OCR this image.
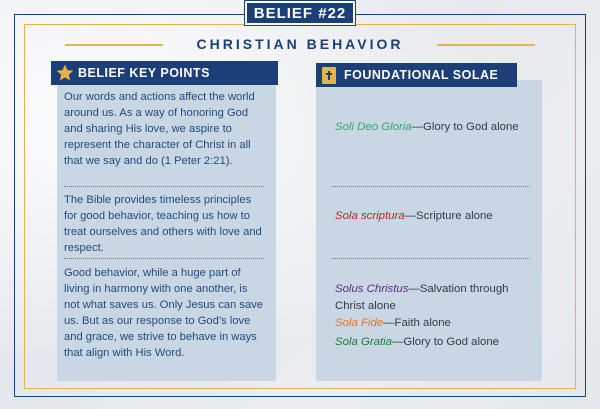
BELIEF #22
CHRISTIAN BEHAVIOR
BELIEF KEY POINTS
Our words and actions affect the world around us. As a way of honoring God and sharing His love, we aspire to represent the character of Christ in all that we say and do (1 Peter 2:21).
The Bible provides timeless principles for good behavior, teaching us how to treat ourselves and others with love and respect.
Good behavior, while a huge part of living in harmony with one another, is not what saves us. Only Jesus can save us. But as our response to God’s love and grace, we strive to behave in ways that align with His Word.
FOUNDATIONAL SOLAE
Soli Deo Gloria—Glory to God alone
Sola scriptura—Scripture alone
Solus Christus—Salvation through Christ alone
Sola Fide—Faith alone
Sola Gratia—Glory to God alone
